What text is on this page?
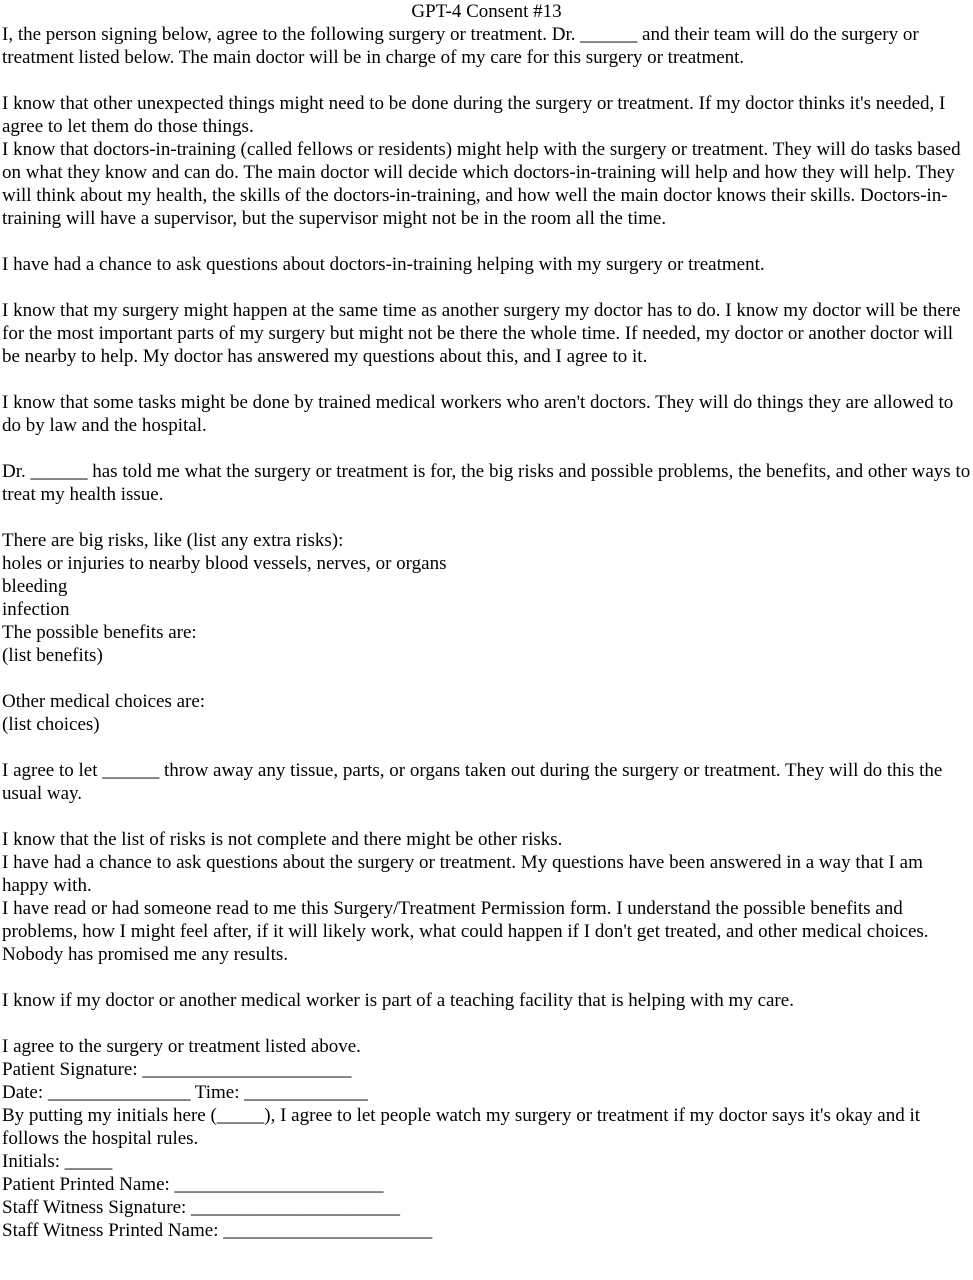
GPT-4 Consent #13

I, the person signing below, agree to the following surgery or treatment. Dr. ______ and their team will do the surgery or treatment listed below. The main doctor will be in charge of my care for this surgery or treatment.

I know that other unexpected things might need to be done during the surgery or treatment. If my doctor thinks it's needed, I agree to let them do those things.

I know that doctors-in-training (called fellows or residents) might help with the surgery or treatment. They will do tasks based on what they know and can do. The main doctor will decide which doctors-in-training will help and how they will help. They will think about my health, the skills of the doctors-in-training, and how well the main doctor knows their skills. Doctors-in-training will have a supervisor, but the supervisor might not be in the room all the time.

I have had a chance to ask questions about doctors-in-training helping with my surgery or treatment.

I know that my surgery might happen at the same time as another surgery my doctor has to do. I know my doctor will be there for the most important parts of my surgery but might not be there the whole time. If needed, my doctor or another doctor will be nearby to help. My doctor has answered my questions about this, and I agree to it.

I know that some tasks might be done by trained medical workers who aren't doctors. They will do things they are allowed to do by law and the hospital.

Dr. ______ has told me what the surgery or treatment is for, the big risks and possible problems, the benefits, and other ways to treat my health issue.

There are big risks, like (list any extra risks):

holes or injuries to nearby blood vessels, nerves, or organs

bleeding

infection

The possible benefits are:

(list benefits)

Other medical choices are:

(list choices)

I agree to let ______ throw away any tissue, parts, or organs taken out during the surgery or treatment. They will do this the usual way.

I know that the list of risks is not complete and there might be other risks.

I have had a chance to ask questions about the surgery or treatment. My questions have been answered in a way that I am happy with.

I have read or had someone read to me this Surgery/Treatment Permission form. I understand the possible benefits and problems, how I might feel after, if it will likely work, what could happen if I don't get treated, and other medical choices.

Nobody has promised me any results.

I know if my doctor or another medical worker is part of a teaching facility that is helping with my care.

I agree to the surgery or treatment listed above.

Patient Signature: ______________________

Date: _______________ Time: _____________

By putting my initials here (_____), I agree to let people watch my surgery or treatment if my doctor says it's okay and it follows the hospital rules.

Initials: _____

Patient Printed Name: ______________________

Staff Witness Signature: ______________________

Staff Witness Printed Name: ______________________
